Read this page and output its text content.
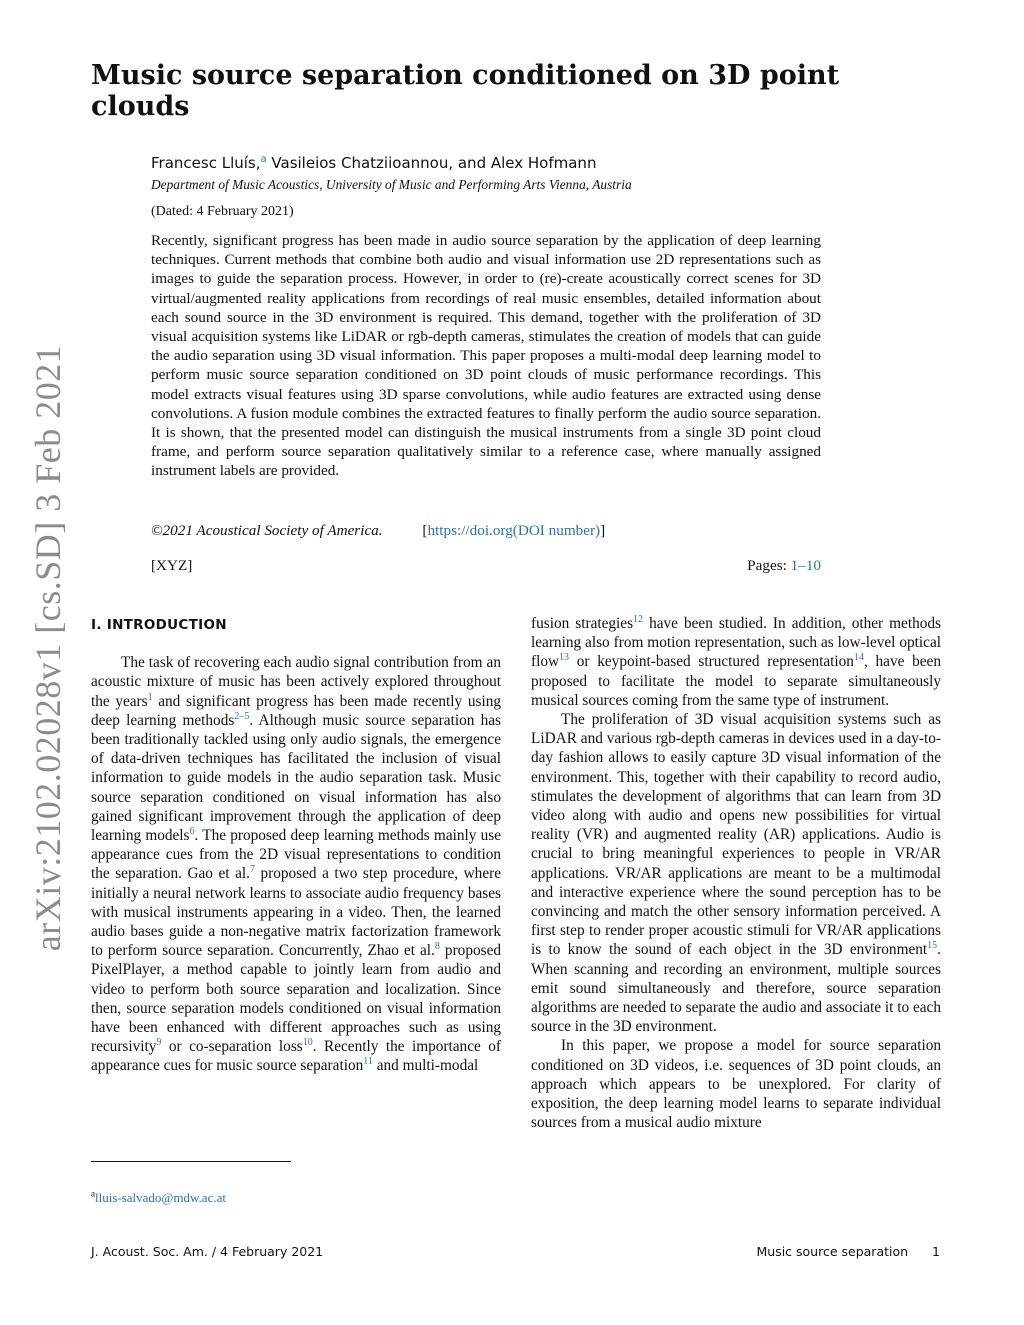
arXiv:2102.02028v1 [cs.SD] 3 Feb 2021
Music source separation conditioned on 3D point clouds
Francesc Lluís,$^a$ Vasileios Chatziioannou, and Alex Hofmann
Department of Music Acoustics, University of Music and Performing Arts Vienna, Austria
(Dated: 4 February 2021)

Recently, significant progress has been made in audio source separation by the application of deep learning techniques. Current methods that combine both audio and visual information use 2D representations such as images to guide the separation process. However, in order to (re)-create acoustically correct scenes for 3D virtual/augmented reality applications from recordings of real music ensembles, detailed information about each sound source in the 3D environment is required. This demand, together with the proliferation of 3D visual acquisition systems like LiDAR or rgb-depth cameras, stimulates the creation of models that can guide the audio separation using 3D visual information. This paper proposes a multi-modal deep learning model to perform music source separation conditioned on 3D point clouds of music performance recordings. This model extracts visual features using 3D sparse convolutions, while audio features are extracted using dense convolutions. A fusion module combines the extracted features to finally perform the audio source separation. It is shown, that the presented model can distinguish the musical instruments from a single 3D point cloud frame, and perform source separation qualitatively similar to a reference case, where manually assigned instrument labels are provided.

©2021 Acoustical Society of America.	[https://doi.org(DOI number)]
[XYZ]	Pages: 1–10
I. INTRODUCTION

The task of recovering each audio signal contribution from an acoustic mixture of music has been actively explored throughout the years$^1$ and significant progress has been made recently using deep learning methods$^{2-5}$. Although music source separation has been traditionally tackled using only audio signals, the emergence of data-driven techniques has facilitated the inclusion of visual information to guide models in the audio separation task. Music source separation conditioned on visual information has also gained significant improvement through the application of deep learning models$^6$. The proposed deep learning methods mainly use appearance cues from the 2D visual representations to condition the separation. Gao et al.$^7$ proposed a two step procedure, where initially a neural network learns to associate audio frequency bases with musical instruments appearing in a video. Then, the learned audio bases guide a non-negative matrix factorization framework to perform source separation. Concurrently, Zhao et al.$^8$ proposed PixelPlayer, a method capable to jointly learn from audio and video to perform both source separation and localization. Since then, source separation models conditioned on visual information have been enhanced with different approaches such as using recursivity$^9$ or co-separation loss$^{10}$. Recently the importance of appearance cues for music source separation$^{11}$ and multi-modal

fusion strategies$^{12}$ have been studied. In addition, other methods learning also from motion representation, such as low-level optical flow$^{13}$ or keypoint-based structured representation$^{14}$, have been proposed to facilitate the model to separate simultaneously musical sources coming from the same type of instrument.

The proliferation of 3D visual acquisition systems such as LiDAR and various rgb-depth cameras in devices used in a day-to-day fashion allows to easily capture 3D visual information of the environment. This, together with their capability to record audio, stimulates the development of algorithms that can learn from 3D video along with audio and opens new possibilities for virtual reality (VR) and augmented reality (AR) applications. Audio is crucial to bring meaningful experiences to people in VR/AR applications. VR/AR applications are meant to be a multimodal and interactive experience where the sound perception has to be convincing and match the other sensory information perceived. A first step to render proper acoustic stimuli for VR/AR applications is to know the sound of each object in the 3D environment$^{15}$. When scanning and recording an environment, multiple sources emit sound simultaneously and therefore, source separation algorithms are needed to separate the audio and associate it to each source in the 3D environment.

In this paper, we propose a model for source separation conditioned on 3D videos, i.e. sequences of 3D point clouds, an approach which appears to be unexplored. For clarity of exposition, the deep learning model learns to separate individual sources from a musical audio mixture

$^a$lluis-salvado@mdw.ac.at
J. Acoust. Soc. Am. / 4 February 2021	Music source separation 1
